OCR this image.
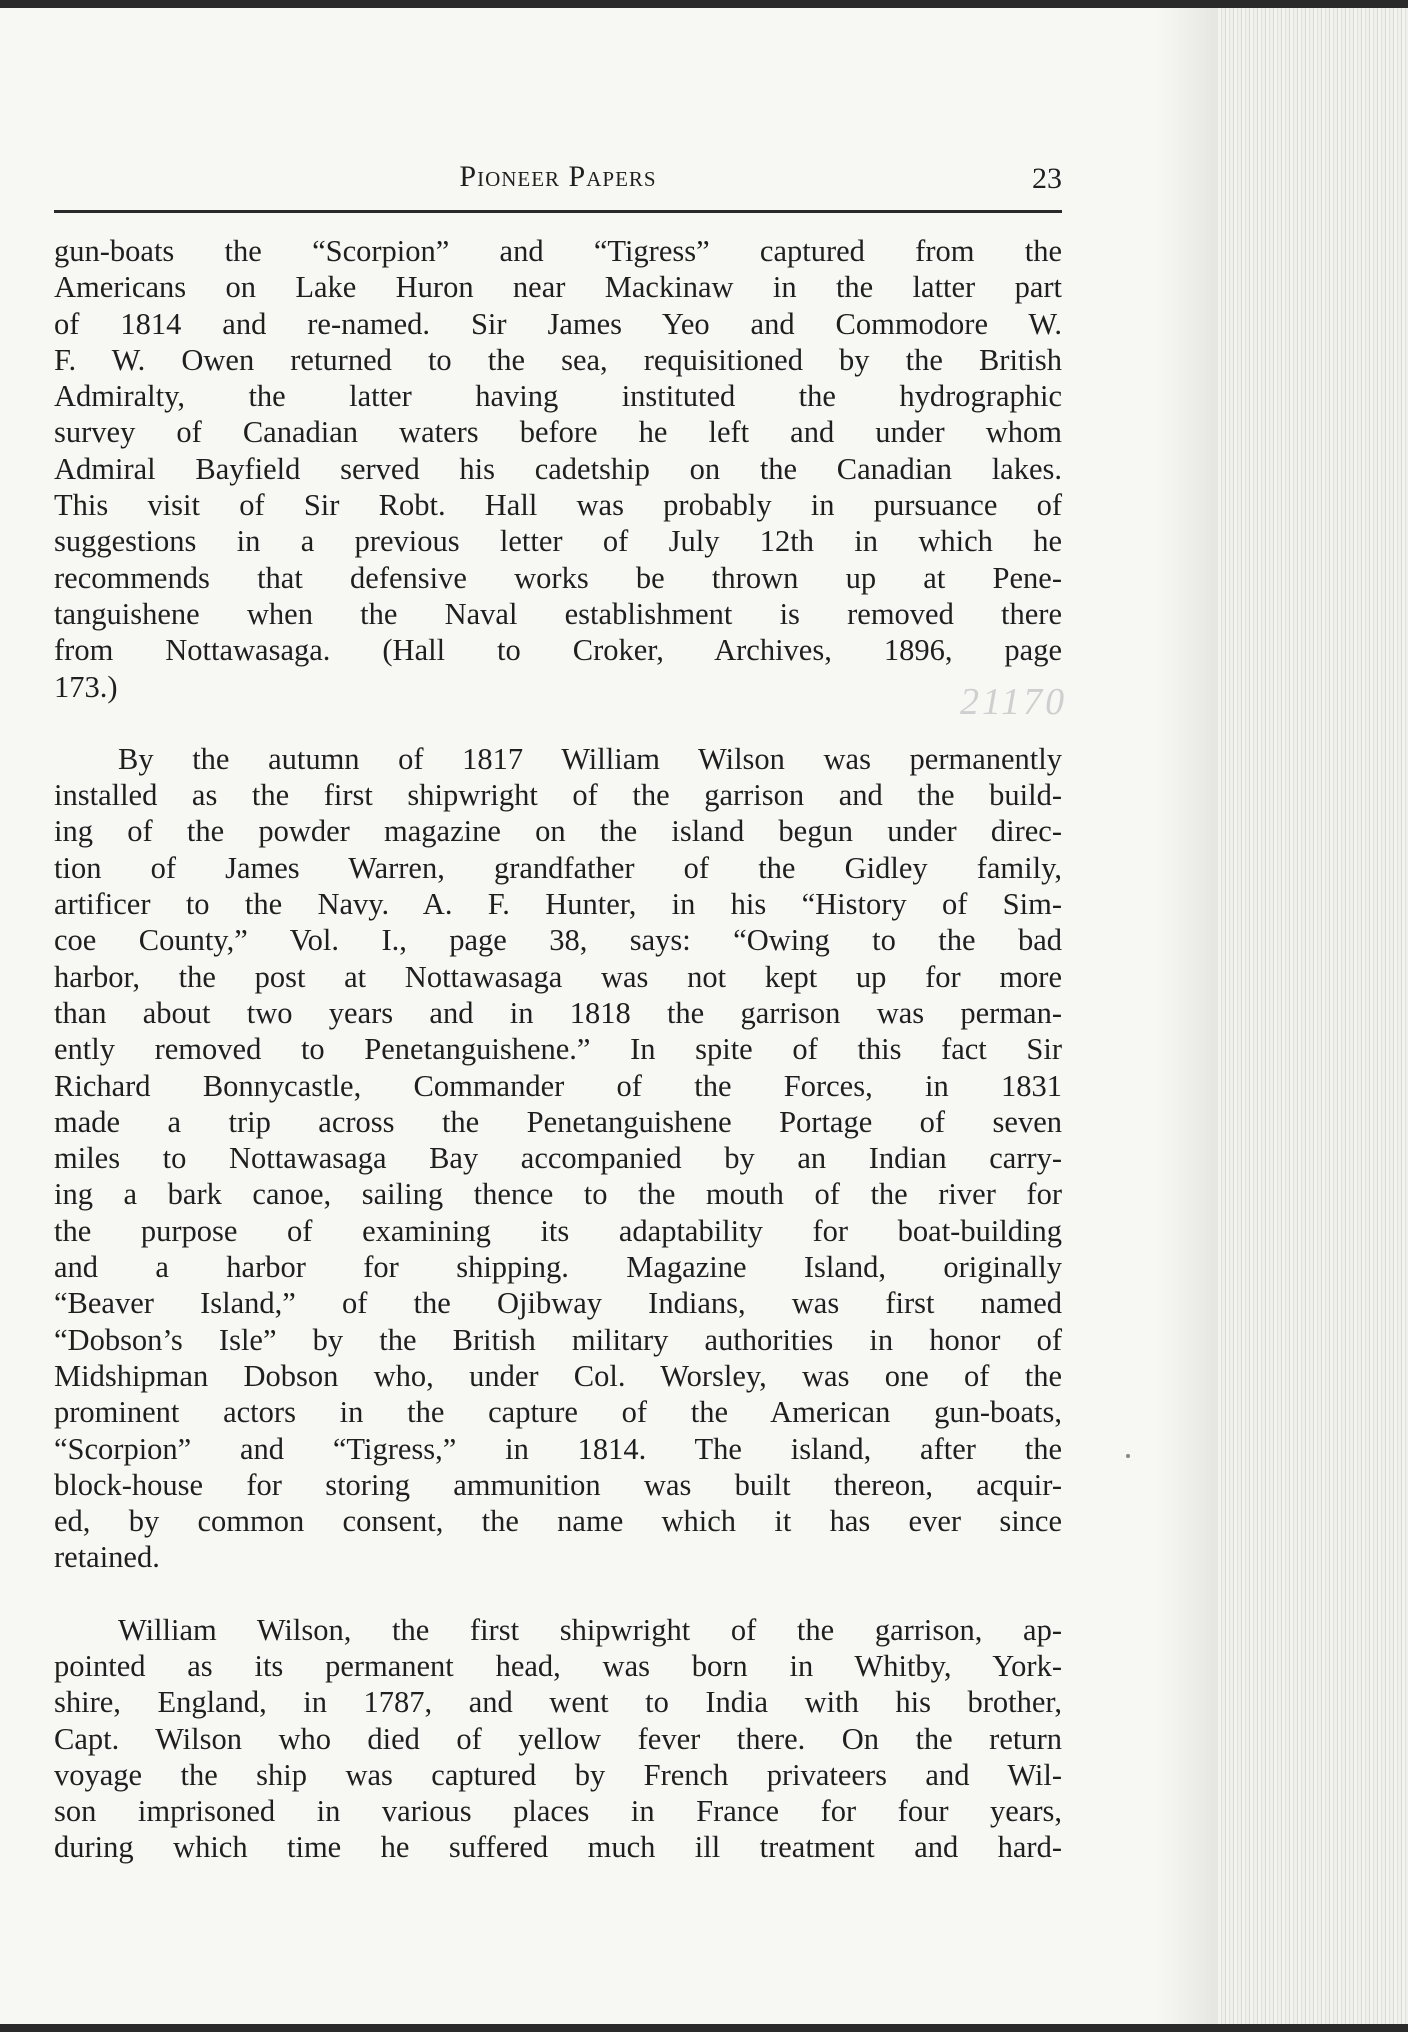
21170
Pioneer Papers	23
gun-boats the “Scorpion” and “Tigress” captured from the
Americans on Lake Huron near Mackinaw in the latter part
of 1814 and re-named. Sir James Yeo and Commodore W.
F. W. Owen returned to the sea, requisitioned by the British
Admiralty, the latter having instituted the hydrographic
survey of Canadian waters before he left and under whom
Admiral Bayfield served his cadetship on the Canadian lakes.
This visit of Sir Robt. Hall was probably in pursuance of
suggestions in a previous letter of July 12th in which he
recommends that defensive works be thrown up at Pene-
tanguishene when the Naval establishment is removed there
from Nottawasaga. (Hall to Croker, Archives, 1896, page
173.)
By the autumn of 1817 William Wilson was permanently
installed as the first shipwright of the garrison and the build-
ing of the powder magazine on the island begun under direc-
tion of James Warren, grandfather of the Gidley family,
artificer to the Navy. A. F. Hunter, in his “History of Sim-
coe County,” Vol. I., page 38, says: “Owing to the bad
harbor, the post at Nottawasaga was not kept up for more
than about two years and in 1818 the garrison was perman-
ently removed to Penetanguishene.” In spite of this fact Sir
Richard Bonnycastle, Commander of the Forces, in 1831
made a trip across the Penetanguishene Portage of seven
miles to Nottawasaga Bay accompanied by an Indian carry-
ing a bark canoe, sailing thence to the mouth of the river for
the purpose of examining its adaptability for boat-building
and a harbor for shipping. Magazine Island, originally
“Beaver Island,” of the Ojibway Indians, was first named
“Dobson’s Isle” by the British military authorities in honor of
Midshipman Dobson who, under Col. Worsley, was one of the
prominent actors in the capture of the American gun-boats,
“Scorpion” and “Tigress,” in 1814. The island, after the
block-house for storing ammunition was built thereon, acquir-
ed, by common consent, the name which it has ever since
retained.
William Wilson, the first shipwright of the garrison, ap-
pointed as its permanent head, was born in Whitby, York-
shire, England, in 1787, and went to India with his brother,
Capt. Wilson who died of yellow fever there. On the return
voyage the ship was captured by French privateers and Wil-
son imprisoned in various places in France for four years,
during which time he suffered much ill treatment and hard-
